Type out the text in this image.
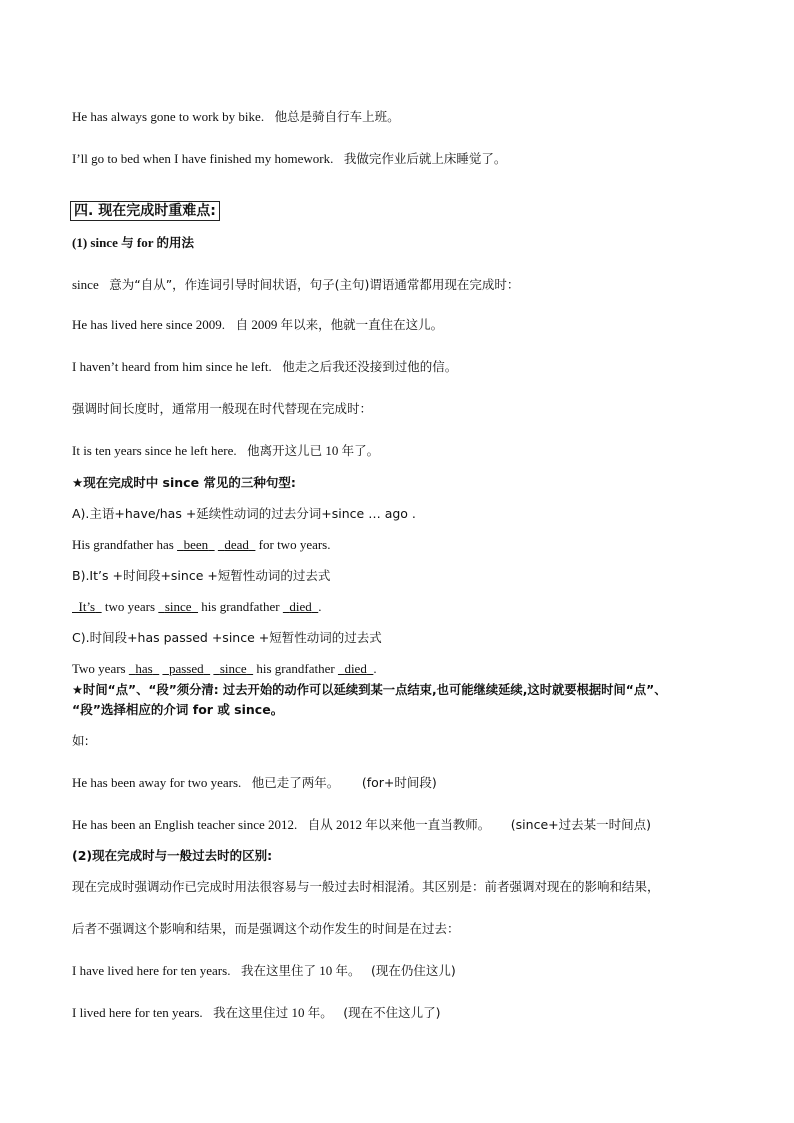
He has always gone to work by bike. 他总是骑自行车上班。
I’ll go to bed when I have finished my homework. 我做完作业后就上床睡觉了。
四. 现在完成时重难点:
(1) since 与 for 的用法
since 意为“自从”，作连词引导时间状语，句子(主句)谓语通常都用现在完成时：
He has lived here since 2009. 自 2009 年以来，他就一直住在这儿。
I haven’t heard from him since he left. 他走之后我还没接到过他的信。
强调时间长度时，通常用一般现在时代替现在完成时：
It is ten years since he left here. 他离开这儿已 10 年了。
★现在完成时中 since 常见的三种句型:
A).主语+have/has +延续性动词的过去分词+since … ago .
His grandfather has been dead for two years.
B).It’s +时间段+since +短暂性动词的过去式
It’s two years since his grandfather died .
C).时间段+has passed +since +短暂性动词的过去式
Two years has passed since his grandfather died .
★时间“点”、“段”须分清: 过去开始的动作可以延续到某一点结束,也可能继续延续,这时就要根据时间“点”、
“段”选择相应的介词 for 或 since。
如:
He has been away for two years. 他已走了两年。 (for+时间段)
He has been an English teacher since 2012. 自从 2012 年以来他一直当教师。 (since+过去某一时间点)
(2)现在完成时与一般过去时的区别:
现在完成时强调动作已完成时用法很容易与一般过去时相混淆。其区别是：前者强调对现在的影响和结果，
后者不强调这个影响和结果，而是强调这个动作发生的时间是在过去：
I have lived here for ten years. 我在这里住了 10 年。 (现在仍住这儿)
I lived here for ten years. 我在这里住过 10 年。 (现在不住这儿了)
